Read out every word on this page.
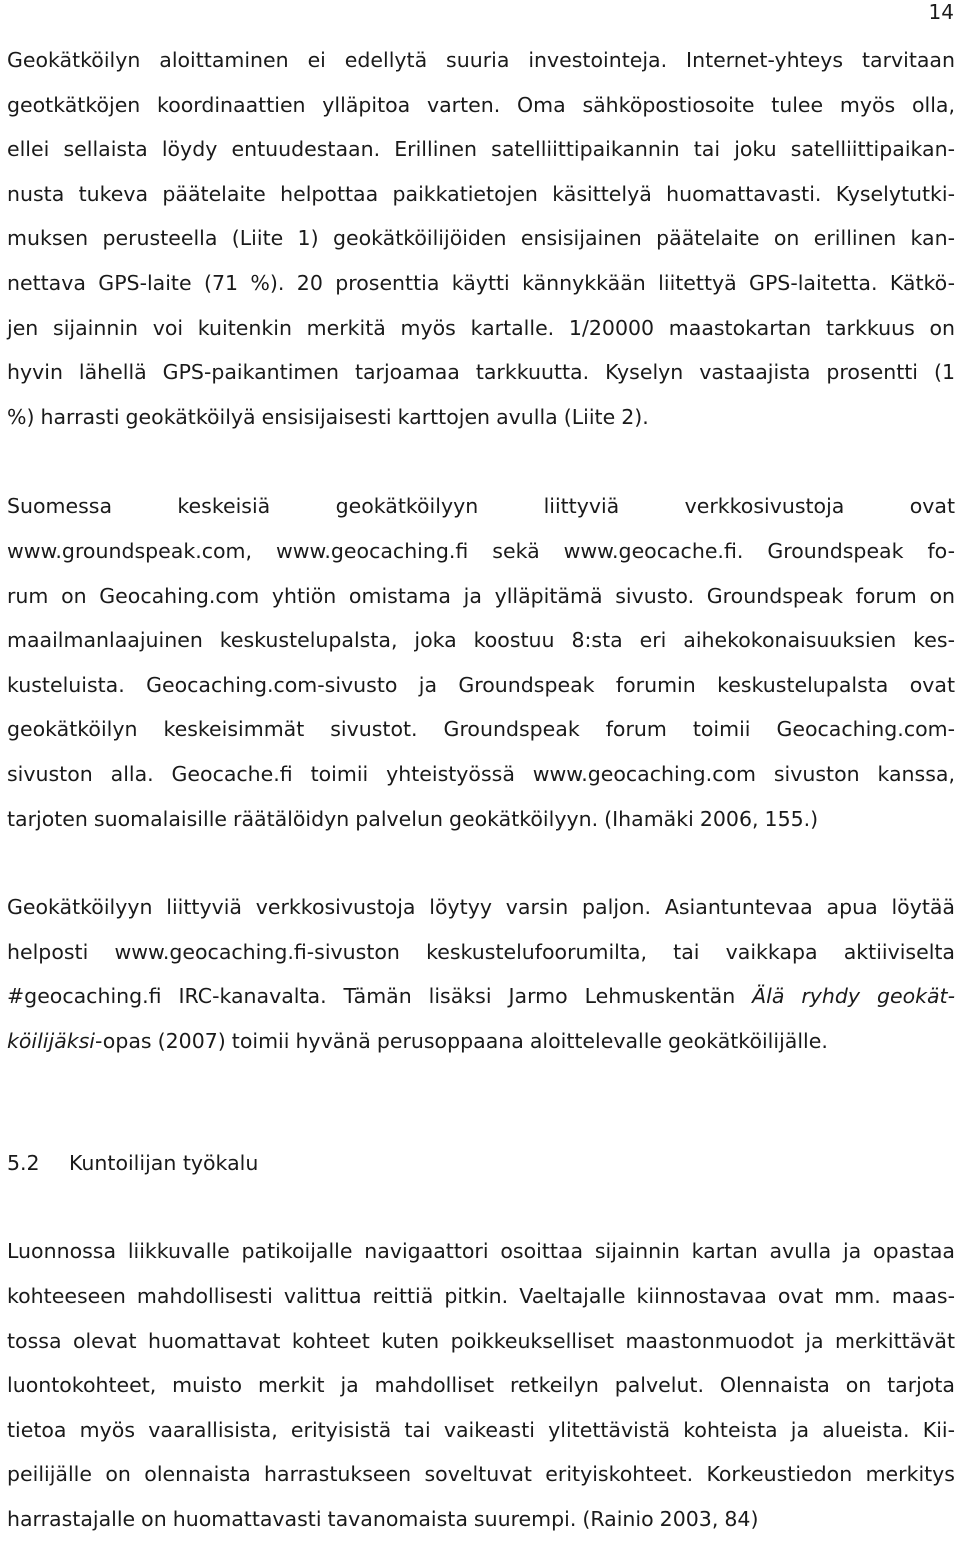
14
Geokätköilyn aloittaminen ei edellytä suuria investointeja. Internet-yhteys tarvitaan
geotkätköjen koordinaattien ylläpitoa varten. Oma sähköpostiosoite tulee myös olla,
ellei sellaista löydy entuudestaan. Erillinen satelliittipaikannin tai joku satelliittipaikan-
nusta tukeva päätelaite helpottaa paikkatietojen käsittelyä huomattavasti. Kyselytutki-
muksen perusteella (Liite 1) geokätköilijöiden ensisijainen päätelaite on erillinen kan-
nettava GPS-laite (71 %). 20 prosenttia käytti kännykkään liitettyä GPS-laitetta. Kätkö-
jen sijainnin voi kuitenkin merkitä myös kartalle. 1/20000 maastokartan tarkkuus on
hyvin lähellä GPS-paikantimen tarjoamaa tarkkuutta. Kyselyn vastaajista prosentti (1
%) harrasti geokätköilyä ensisijaisesti karttojen avulla (Liite 2).
Suomessa keskeisiä geokätköilyyn liittyviä verkkosivustoja ovat
www.groundspeak.com, www.geocaching.fi sekä www.geocache.fi. Groundspeak fo-
rum on Geocahing.com yhtiön omistama ja ylläpitämä sivusto. Groundspeak forum on
maailmanlaajuinen keskustelupalsta, joka koostuu 8:sta eri aihekokonaisuuksien kes-
kusteluista. Geocaching.com-sivusto ja Groundspeak forumin keskustelupalsta ovat
geokätköilyn keskeisimmät sivustot. Groundspeak forum toimii Geocaching.com-
sivuston alla. Geocache.fi toimii yhteistyössä www.geocaching.com sivuston kanssa,
tarjoten suomalaisille räätälöidyn palvelun geokätköilyyn. (Ihamäki 2006, 155.)
Geokätköilyyn liittyviä verkkosivustoja löytyy varsin paljon. Asiantuntevaa apua löytää
helposti www.geocaching.fi-sivuston keskustelufoorumilta, tai vaikkapa aktiiviselta
#geocaching.fi IRC-kanavalta. Tämän lisäksi Jarmo Lehmuskentän Älä ryhdy geokät-
köilijäksi-opas (2007) toimii hyvänä perusoppaana aloittelevalle geokätköilijälle.
5.2 Kuntoilijan työkalu
Luonnossa liikkuvalle patikoijalle navigaattori osoittaa sijainnin kartan avulla ja opastaa
kohteeseen mahdollisesti valittua reittiä pitkin. Vaeltajalle kiinnostavaa ovat mm. maas-
tossa olevat huomattavat kohteet kuten poikkeukselliset maastonmuodot ja merkittävät
luontokohteet, muisto merkit ja mahdolliset retkeilyn palvelut. Olennaista on tarjota
tietoa myös vaarallisista, erityisistä tai vaikeasti ylitettävistä kohteista ja alueista. Kii-
peilijälle on olennaista harrastukseen soveltuvat erityiskohteet. Korkeustiedon merkitys
harrastajalle on huomattavasti tavanomaista suurempi. (Rainio 2003, 84)
